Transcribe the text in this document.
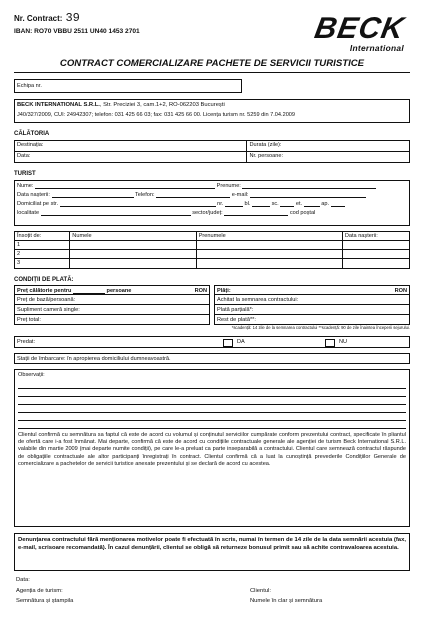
Nr. Contract: 39
IBAN: RO70 VBBU 2511 UN40 1453 2701	BECK
International
CONTRACT COMERCIALIZARE PACHETE DE SERVICII TURISTICE
Echipa nr.
BECK INTERNATIONAL S.R.L., Str. Preciziei 3, cam.1+2, RO-062203 București
J40/327/2009, CUI: 24942307; telefon: 031 425 66 03; fax: 031 425 66 00. Licența turism nr. 5259 din 7.04.2009
CĂLĂTORIA
Destinația:	Durata (zile):
Data:	Nr. persoane:
TURIST
Nume:	Prenume:
Data nașterii:	Telefon:	e-mail:
Domiciliat pe str.	nr.	bl.	sc.	et.	ap.
localitate	sector/județ:	cod poștal
Însoțit de:	Numele	Prenumele	Data nașterii:
1			
2			
3			
CONDIȚII DE PLATĂ:
Preț călătorie pentru	persoane	RON
Preț de bază/persoană:
Supliment cameră single:
Preț total:
Plăți:	RON
Achitat la semnarea contractului:
Plată parțială*:
Rest de plată**:
*scadență: 14 zile de la semnarea contractului **scadență: 90 de zile înaintea începerii sejurului.
Predat:	DA	NU
Stații de îmbarcare: în apropierea domiciliului dumneavoastră.
Observații:
Clientul confirmă cu semnătura sa faptul că este de acord cu volumul și conținutul serviciilor cumpărate conform prezentului contract, specificate în pliantul de ofertă care i-a fost înmânat. Mai departe, confirmă că este de acord cu condițiile contractuale generale ale agenției de turism Beck International S.R.L. valabile din martie 2009 (mai departe numite condiții), pe care le-a preluat ca parte inseparabilă a contractului. Clientul care semnează contractul răspunde de obligațiile contractuale ale altor participanți înregistrați în contract. Clientul confirmă că a luat la cunoștință prevederile Condițiilor Generale de comercializare a pachetelor de servicii turistice anexate prezentului și se declară de acord cu acestea.
Denunțarea contractului fără menționarea motivelor poate fi efectuată în scris, numai în termen de 14 zile de la data semnării acestuia (fax, e-mail, scrisoare recomandată). În cazul denunțării, clientul se obligă să returneze bonusul primit sau să achite contravaloarea acestuia.
Data:
Agenția de turism:
Semnătura și ștampila
Clientul:
Numele în clar și semnătura
